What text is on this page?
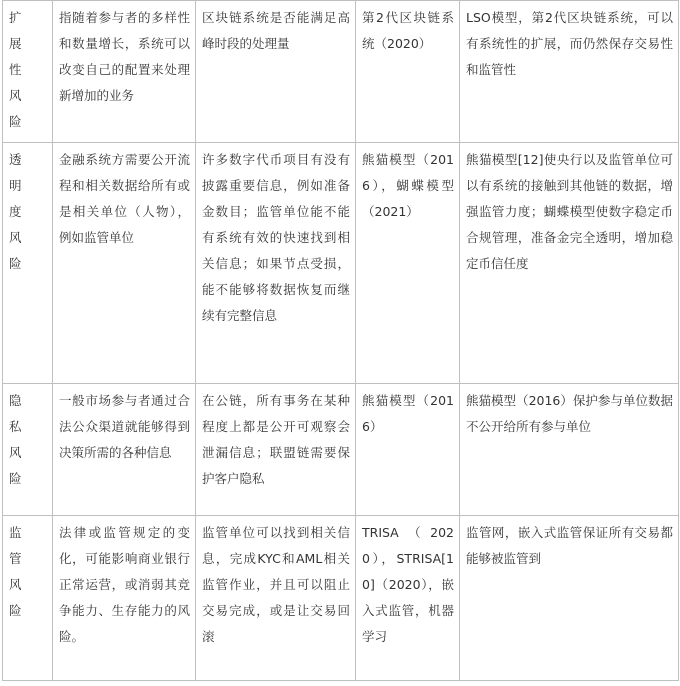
扩展性风险	指随着参与者的多样性和数量增长，系统可以改变自己的配置来处理新增加的业务	区块链系统是否能满足高峰时段的处理量	第2代区块链系统（2020）	LSO模型，第2代区块链系统，可以有系统性的扩展，而仍然保存交易性和监管性
透明度风险	金融系统方需要公开流程和相关数据给所有或是相关单位（人物），例如监管单位	许多数字代币项目有没有披露重要信息，例如准备金数目；监管单位能不能有系统有效的快速找到相关信息；如果节点受损，能不能够将数据恢复而继续有完整信息	熊猫模型（2016），蝴蝶模型（2021）	熊猫模型[12]使央行以及监管单位可以有系统的接触到其他链的数据，增强监管力度；蝴蝶模型使数字稳定币合规管理，准备金完全透明，增加稳定币信任度
隐私风险	一般市场参与者通过合法公众渠道就能够得到决策所需的各种信息	在公链，所有事务在某种程度上都是公开可观察会泄漏信息；联盟链需要保护客户隐私	熊猫模型（2016）	熊猫模型（2016）保护参与单位数据不公开给所有参与单位
监管风险	法律或监管规定的变化，可能影响商业银行正常运营，或消弱其竞争能力、生存能力的风险。	监管单位可以找到相关信息，完成KYC和AML相关监管作业，并且可以阻止交易完成，或是让交易回滚	TRISA（2020），STRISA[10]（2020），嵌入式监管，机器学习	监管网，嵌入式监管保证所有交易都能够被监管到
